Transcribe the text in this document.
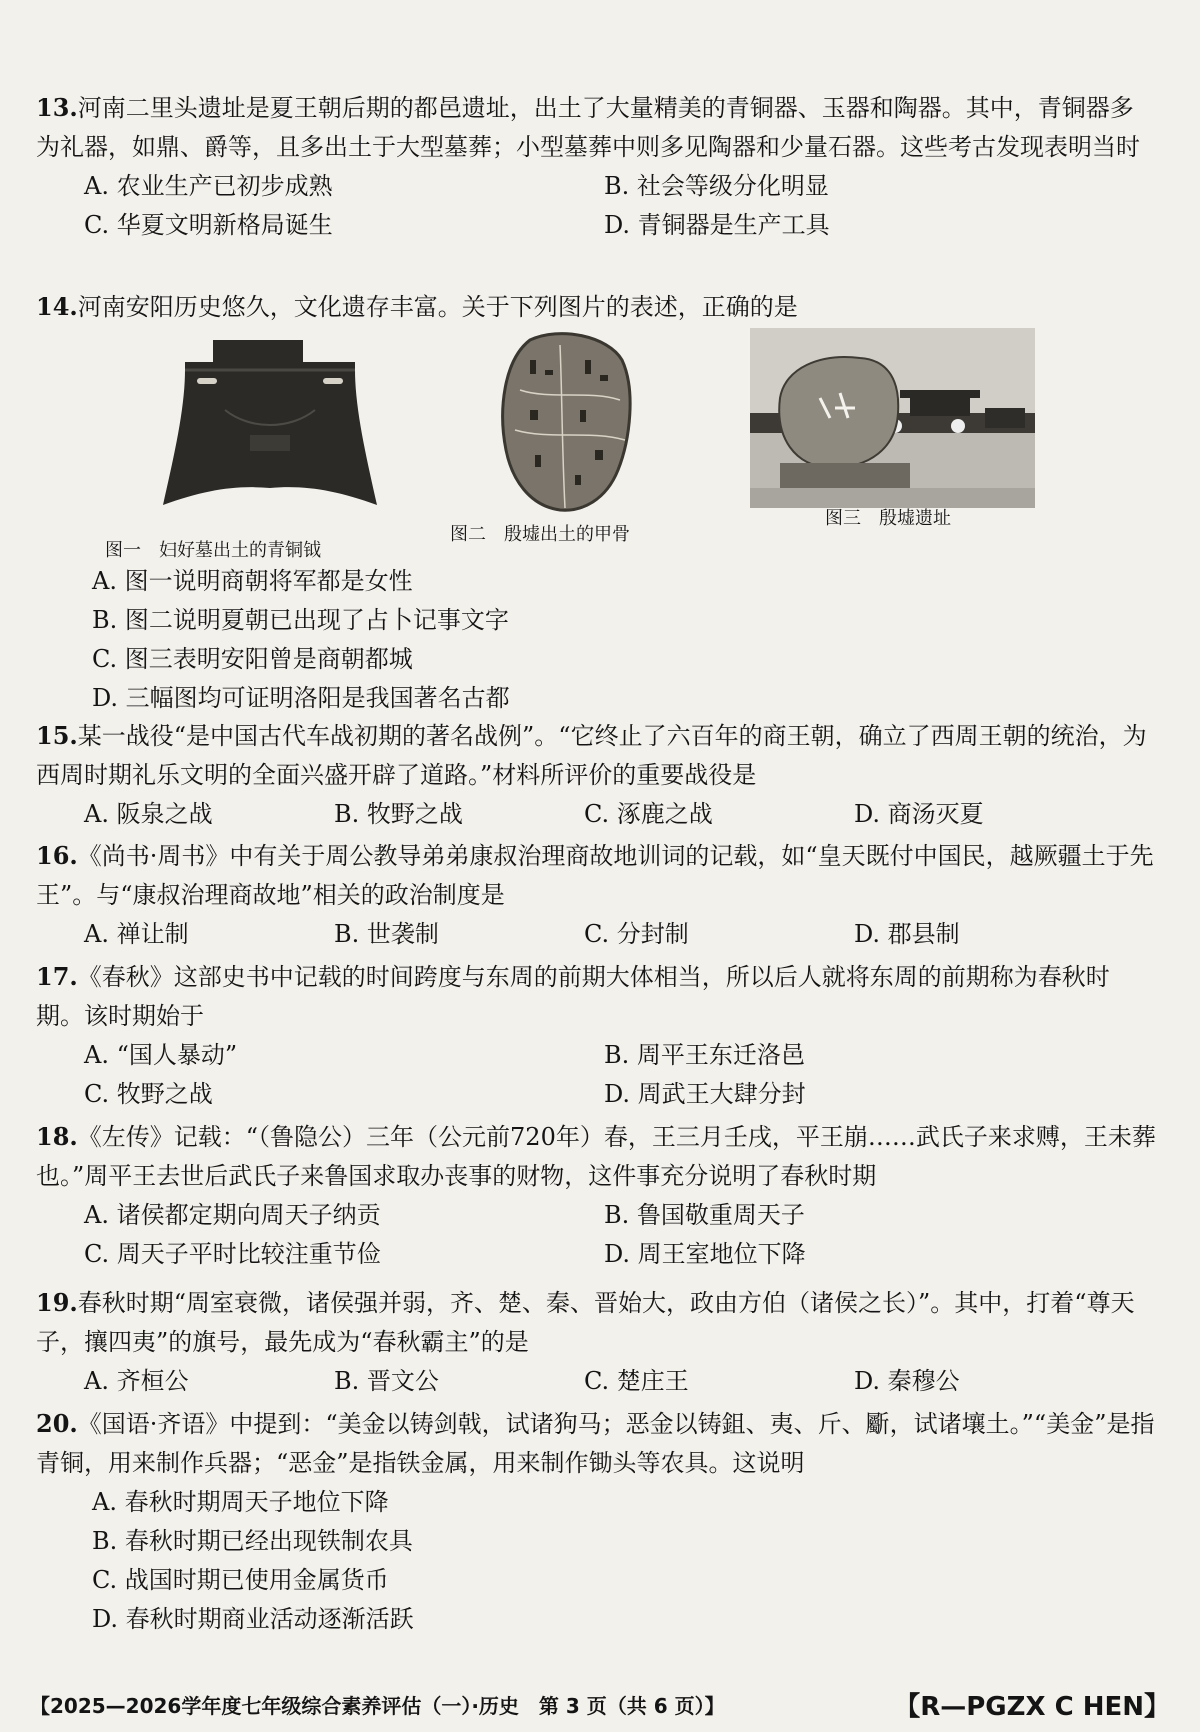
13.河南二里头遗址是夏王朝后期的都邑遗址，出土了大量精美的青铜器、玉器和陶器。其中，青铜器多为礼器，如鼎、爵等，且多出土于大型墓葬；小型墓葬中则多见陶器和少量石器。这些考古发现表明当时

A. 农业生产已初步成熟	B. 社会等级分化明显
C. 华夏文明新格局诞生	D. 青铜器是生产工具

14.河南安阳历史悠久，文化遗存丰富。关于下列图片的表述，正确的是

图一　 妇好墓出土的青铜钺
图二　 殷墟出土的甲骨
图三　 殷墟遗址
A. 图一说明商朝将军都是女性
B. 图二说明夏朝已出现了占卜记事文字
C. 图三表明安阳曾是商朝都城
D. 三幅图均可证明洛阳是我国著名古都

15.某一战役“是中国古代车战初期的著名战例”。“它终止了六百年的商王朝，确立了西周王朝的统治，为西周时期礼乐文明的全面兴盛开辟了道路。”材料所评价的重要战役是

A. 阪泉之战	B. 牧野之战	C. 涿鹿之战	D. 商汤灭夏

16.《尚书·周书》中有关于周公教导弟弟康叔治理商故地训词的记载，如“皇天既付中国民，越厥疆土于先王”。与“康叔治理商故地”相关的政治制度是

A. 禅让制	B. 世袭制	C. 分封制	D. 郡县制

17.《春秋》这部史书中记载的时间跨度与东周的前期大体相当，所以后人就将东周的前期称为春秋时期。该时期始于

A. “国人暴动”	B. 周平王东迁洛邑
C. 牧野之战	D. 周武王大肆分封

18.《左传》记载：“（鲁隐公）三年（公元前720年）春，王三月壬戌，平王崩……武氏子来求赙，王未葬也。”周平王去世后武氏子来鲁国求取办丧事的财物，这件事充分说明了春秋时期

A. 诸侯都定期向周天子纳贡	B. 鲁国敬重周天子
C. 周天子平时比较注重节俭	D. 周王室地位下降

19.春秋时期“周室衰微，诸侯强并弱，齐、楚、秦、晋始大，政由方伯（诸侯之长）”。其中，打着“尊天子，攘四夷”的旗号，最先成为“春秋霸主”的是

A. 齐桓公	B. 晋文公	C. 楚庄王	D. 秦穆公

20.《国语·齐语》中提到：“美金以铸剑戟，试诸狗马；恶金以铸鉏、夷、斤、斸，试诸壤土。”“美金”是指青铜，用来制作兵器；“恶金”是指铁金属，用来制作锄头等农具。这说明

A. 春秋时期周天子地位下降
B. 春秋时期已经出现铁制农具
C. 战国时期已使用金属货币
D. 春秋时期商业活动逐渐活跃
【2025—2026学年度七年级综合素养评估（一）·历史　第 3 页（共 6 页）】	【R—PGZX C HEN】
